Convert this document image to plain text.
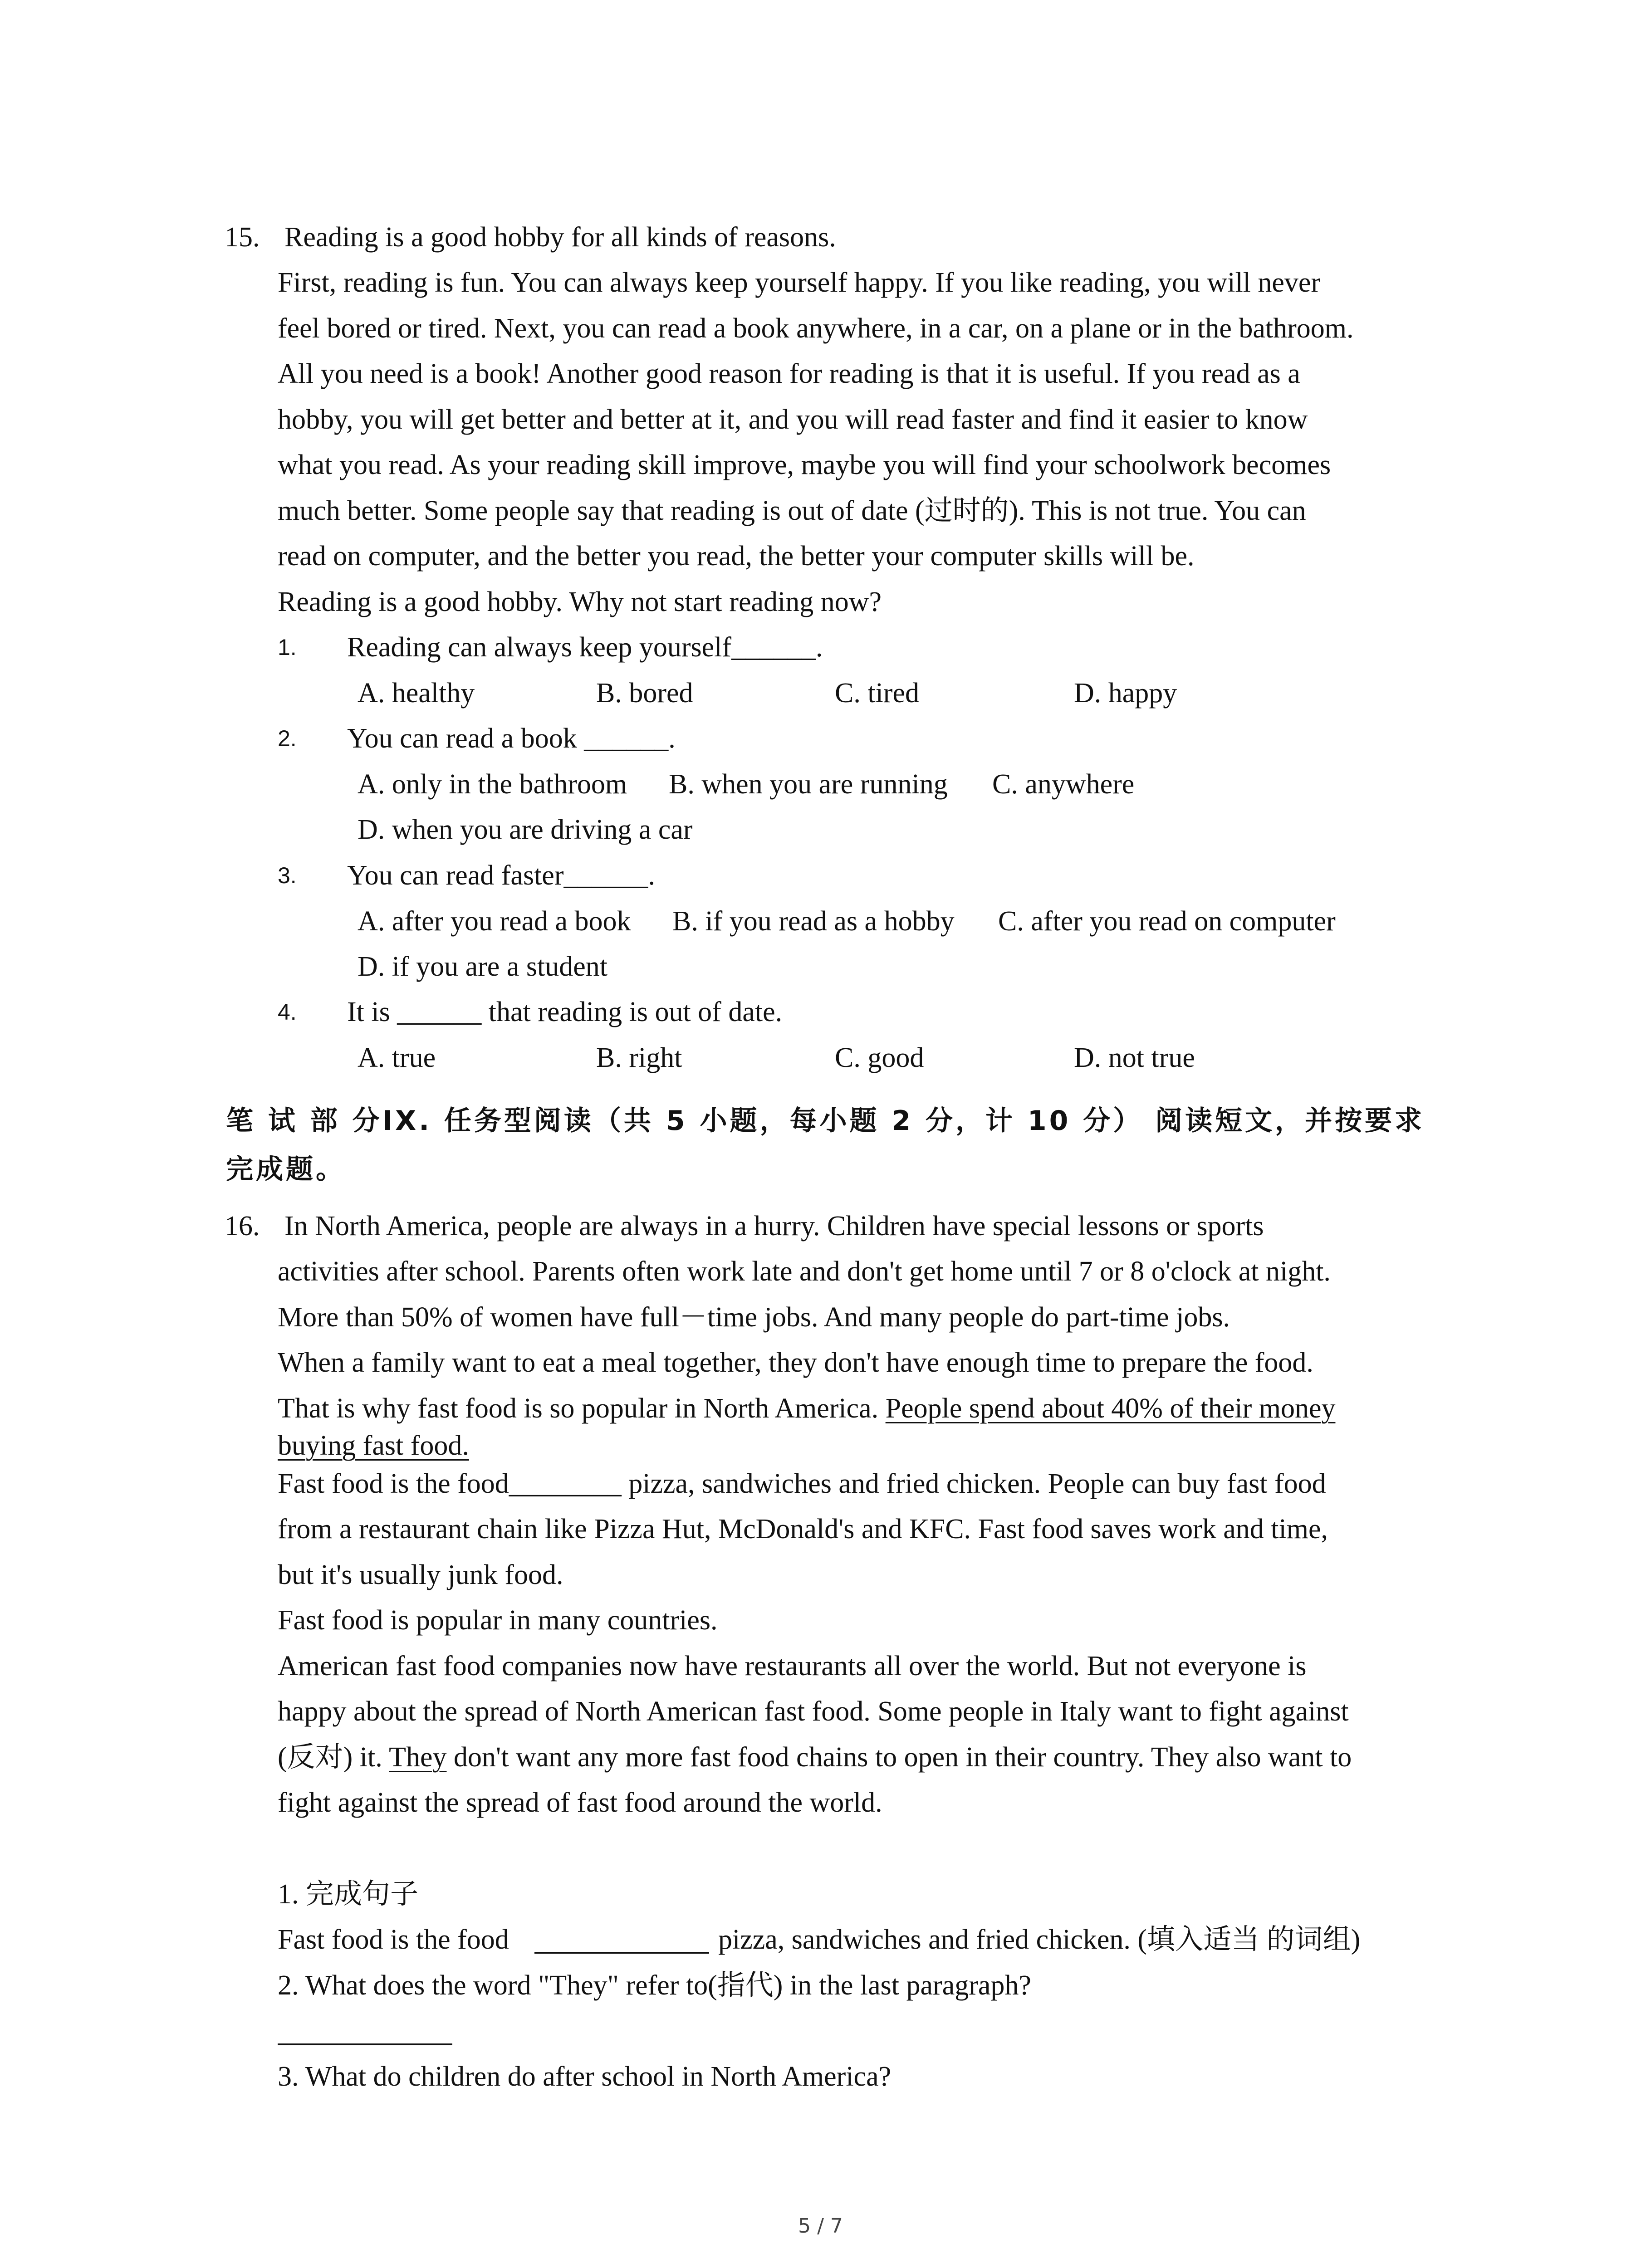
15. Reading is a good hobby for all kinds of reasons.
First, reading is fun. You can always keep yourself happy. If you like reading, you will never
feel bored or tired. Next, you can read a book anywhere, in a car, on a plane or in the bathroom.
All you need is a book! Another good reason for reading is that it is useful. If you read as a
hobby, you will get better and better at it, and you will read faster and find it easier to know
what you read. As your reading skill improve, maybe you will find your schoolwork becomes
much better. Some people say that reading is out of date (过时的). This is not true. You can
read on computer, and the better you read, the better your computer skills will be.
Reading is a good hobby. Why not start reading now?
1. Reading can always keep yourself______.
A. healthy	B. bored	C. tired	D. happy
2. You can read a book ______.
A. only in the bathroom B. when you are running C. anywhere
D. when you are driving a car
3. You can read faster______.
A. after you read a book B. if you read as a hobby C. after you read on computer
D. if you are a student
4. It is ______ that reading is out of date.
A. true	B. right	C. good	D. not true
笔 试 部 分IX. 任务型阅读（共 5 小题，每小题 2 分，计 10 分） 阅读短文，并按要求
完成题。
16. In North America, people are always in a hurry. Children have special lessons or sports
activities after school. Parents often work late and don't get home until 7 or 8 o'clock at night.
More than 50% of women have full－time jobs. And many people do part-time jobs.
When a family want to eat a meal together, they don't have enough time to prepare the food.
That is why fast food is so popular in North America. People spend about 40% of their money
buying fast food.
Fast food is the food________ pizza, sandwiches and fried chicken. People can buy fast food
from a restaurant chain like Pizza Hut, McDonald's and KFC. Fast food saves work and time,
but it's usually junk food.
Fast food is popular in many countries.
American fast food companies now have restaurants all over the world. But not everyone is
happy about the spread of North American fast food. Some people in Italy want to fight against
(反对) it. They don't want any more fast food chains to open in their country. They also want to
fight against the spread of fast food around the world.
1. 完成句子
Fast food is the food	pizza, sandwiches and fried chicken. (填入适当 的词组)
2. What does the word "They" refer to(指代) in the last paragraph?
3. What do children do after school in North America?
5 / 7
